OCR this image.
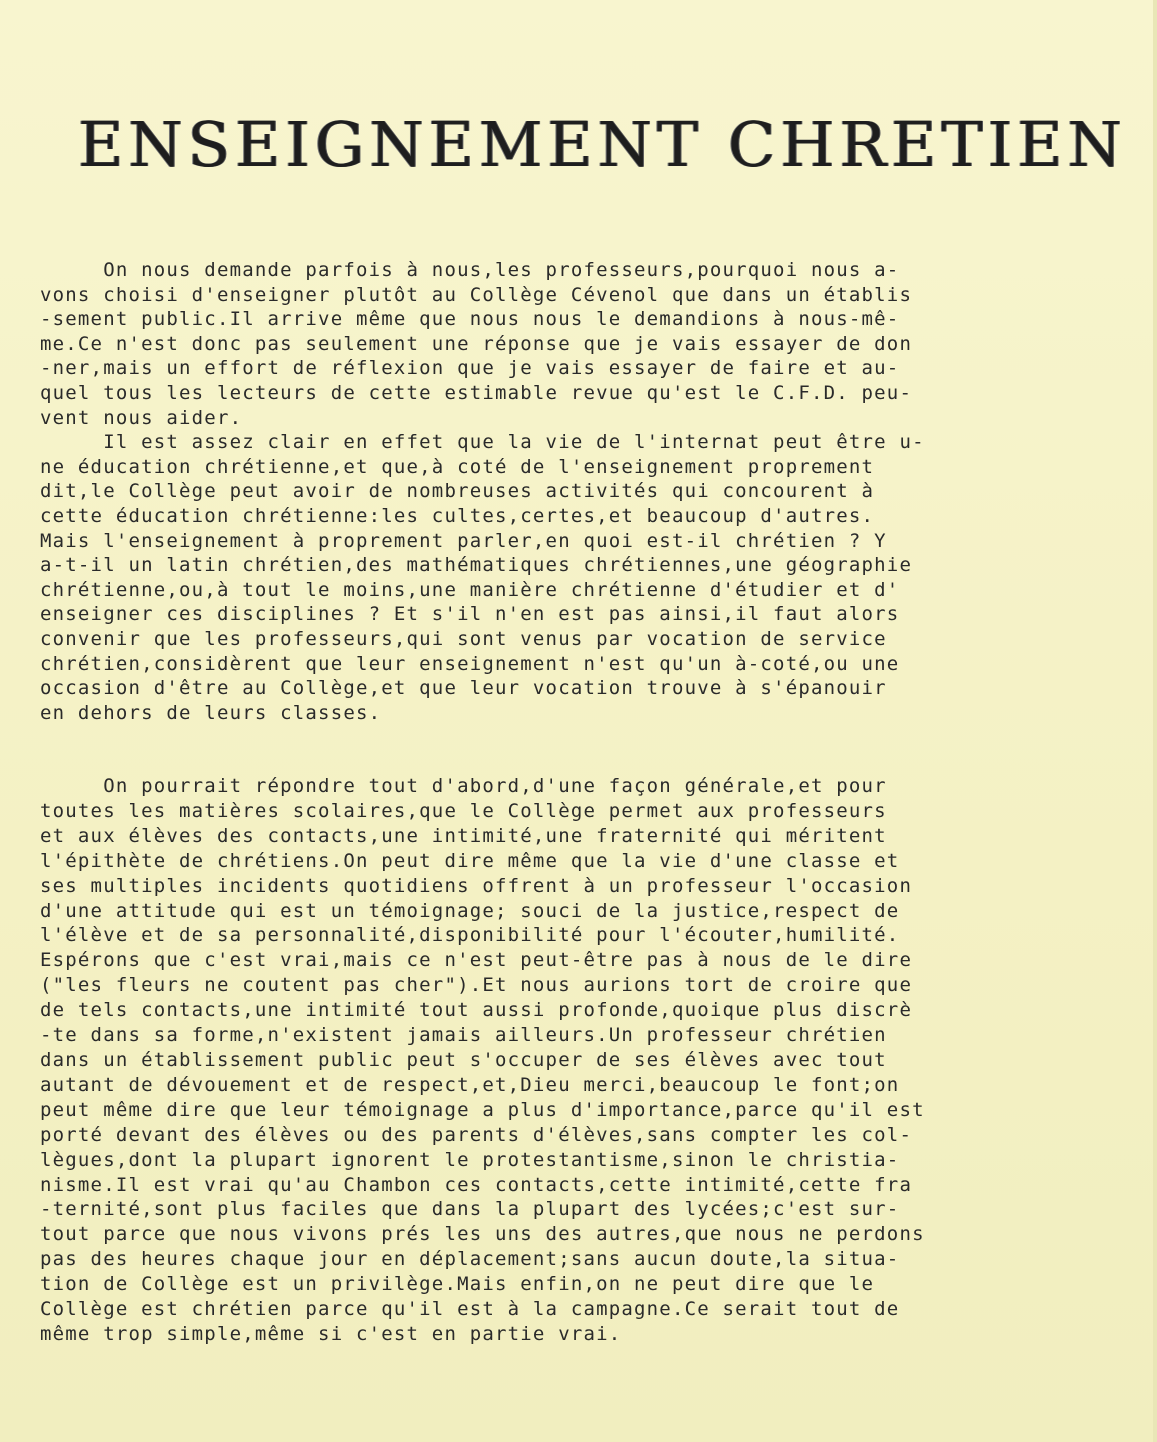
ENSEIGNEMENT CHRETIEN
On nous demande parfois à nous,les professeurs,pourquoi nous a-
vons choisi d'enseigner plutôt au Collège Cévenol que dans un établis
-sement public.Il arrive même que nous nous le demandions à nous-mê-
me.Ce n'est donc pas seulement une réponse que je vais essayer de don
-ner,mais un effort de réflexion que je vais essayer de faire et au-
quel tous les lecteurs de cette estimable revue qu'est le C.F.D. peu-
vent nous aider.
Il est assez clair en effet que la vie de l'internat peut être u-
ne éducation chrétienne,et que,à coté de l'enseignement proprement
dit,le Collège peut avoir de nombreuses activités qui concourent à
cette éducation chrétienne:les cultes,certes,et beaucoup d'autres.
Mais l'enseignement à proprement parler,en quoi est-il chrétien ? Y
a-t-il un latin chrétien,des mathématiques chrétiennes,une géographie
chrétienne,ou,à tout le moins,une manière chrétienne d'étudier et d'
enseigner ces disciplines ? Et s'il n'en est pas ainsi,il faut alors
convenir que les professeurs,qui sont venus par vocation de service
chrétien,considèrent que leur enseignement n'est qu'un à-coté,ou une
occasion d'être au Collège,et que leur vocation trouve à s'épanouir
en dehors de leurs classes.
On pourrait répondre tout d'abord,d'une façon générale,et pour
toutes les matières scolaires,que le Collège permet aux professeurs
et aux élèves des contacts,une intimité,une fraternité qui méritent
l'épithète de chrétiens.On peut dire même que la vie d'une classe et
ses multiples incidents quotidiens offrent à un professeur l'occasion
d'une attitude qui est un témoignage; souci de la justice,respect de
l'élève et de sa personnalité,disponibilité pour l'écouter,humilité.
Espérons que c'est vrai,mais ce n'est peut-être pas à nous de le dire
("les fleurs ne coutent pas cher").Et nous aurions tort de croire que
de tels contacts,une intimité tout aussi profonde,quoique plus discrè
-te dans sa forme,n'existent jamais ailleurs.Un professeur chrétien
dans un établissement public peut s'occuper de ses élèves avec tout
autant de dévouement et de respect,et,Dieu merci,beaucoup le font;on
peut même dire que leur témoignage a plus d'importance,parce qu'il est
porté devant des élèves ou des parents d'élèves,sans compter les col-
lègues,dont la plupart ignorent le protestantisme,sinon le christia-
nisme.Il est vrai qu'au Chambon ces contacts,cette intimité,cette fra
-ternité,sont plus faciles que dans la plupart des lycées;c'est sur-
tout parce que nous vivons prés les uns des autres,que nous ne perdons
pas des heures chaque jour en déplacement;sans aucun doute,la situa-
tion de Collège est un privilège.Mais enfin,on ne peut dire que le
Collège est chrétien parce qu'il est à la campagne.Ce serait tout de
même trop simple,même si c'est en partie vrai.
